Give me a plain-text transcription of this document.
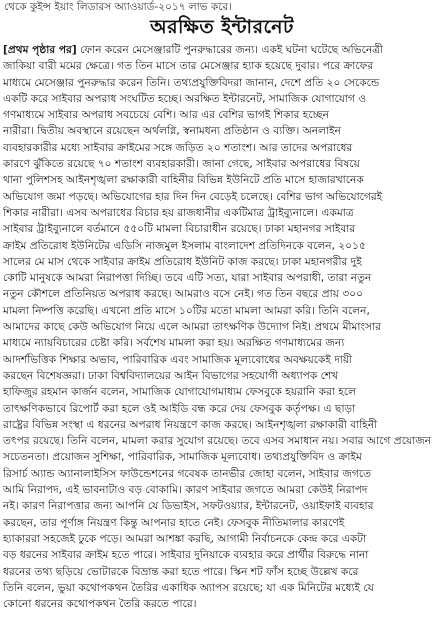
থেকে কুইন্স ইয়াং লিডারস অ্যাওয়ার্ড-২০১৭ লাভ করে।
অরক্ষিত ইন্টারনেট
[প্রথম পৃষ্ঠার পর] ফোন করেন মেসেঞ্জারটি পুনরুদ্ধারের জন্য। একই ঘটনা ঘটেছে অভিনেত্রী
জাকিয়া বারী মমের ক্ষেত্রে। গত তিন মাসে তার মেসেঞ্জার হ্যাক হয়েছে দুবার। পরে ক্রাফের
মাধ্যমে মেসেঞ্জার পুনরুদ্ধার করেন তিনি। তথ্যপ্রযুক্তিবিদরা জানান, দেশে প্রতি ২০ সেকেন্ডে
একটি করে সাইবার অপরাধ সংঘটিত হচ্ছে। অরক্ষিত ইন্টারনেট, সামাজিক যোগাযোগ ও
গণমাধ্যমে সাইবার অপরাধ সবচেয়ে বেশি। আর এর বেশির ভাগই শিকার হচ্ছেন
নারীরা। দ্বিতীয় অবস্থানে রয়েছেন অর্থলগ্নি, স্বনামধন্য প্রতিষ্ঠান ও ব্যক্তি। অনলাইন
ব্যবহারকারীর মধ্যে সাইবার ক্রাইমের সঙ্গে জড়িত ২০ শতাংশ। আর তাদের অপরাধের
কারণে ঝুঁকিতে রয়েছে ৭০ শতাংশ ব্যবহারকারী। জানা গেছে, সাইবার অপরাধের বিষয়ে
থানা পুলিশসহ আইনশৃঙ্খলা রক্ষাকারী বাহিনীর বিভিন্ন ইউনিটে প্রতি মাসে হাজারখানেক
অভিযোগ জমা পড়ছে। অভিযোগের হার দিন দিন বেড়েই চলেছে। বেশির ভাগ অভিযোগেরই
শিকার নারীরা। এসব অপরাধের বিচার হয় রাজধানীর একটিমাত্র ট্রাইব্যুনালে। একমাত্র
সাইবার ট্রাইব্যুনালে বর্তমানে ৫৫০টি মামলা বিচারাধীন রয়েছে। ঢাকা মহানগর সাইবার
ক্রাইম প্রতিরোধ ইউনিটের এডিসি নাজমুল ইসলাম বাংলাদেশ প্রতিদিনকে বলেন, ২০১৫
সালের মে মাস থেকে সাইবার ক্রাইম প্রতিরোধ ইউনিট কাজ করছে। ঢাকা মহানগরীর দুই
কোটি মানুষকে আমরা নিরাপত্তা দিচ্ছি। তবে এটি সত্য, যারা সাইবার অপরাধী, তারা নতুন
নতুন কৌশলে প্রতিনিয়ত অপরাধ করছে। আমরাও বসে নেই। গত তিন বছরে প্রায় ৩০০
মামলা নিষ্পত্তি করেছি। এখনো প্রতি মাসে ১০টির মতো মামলা আমরা করি। তিনি বলেন,
আমাদের কাছে কেউ অভিযোগ নিয়ে এলে আমরা তাৎক্ষণিক উদ্যোগ নিই। প্রথমে মীমাংসার
মাধ্যমে ন্যায়বিচারের চেষ্টা করি। সর্বশেষ মামলা করা হয়। অরক্ষিত গণমাধ্যমের জন্য
আদর্শভিত্তিক শিক্ষার অভাব, পারিবারিক এবং সামাজিক মূল্যবোধের অবক্ষয়কেই দায়ী
করছেন বিশেষজ্ঞরা। ঢাকা বিশ্ববিদ্যালয়ের আইন বিভাগের সহযোগী অধ্যাপক শেখ
হাফিজুর রহমান কার্জন বলেন, সামাজিক যোগাযোগমাধ্যম ফেসবুকে হয়রানি করা হলে
তাৎক্ষণিকভাবে রিপোর্ট করা হলে ওই আইডি বন্ধ করে দেয় ফেসবুক কর্তৃপক্ষ। এ ছাড়া
রাষ্ট্রের বিভিন্ন সংস্থা এ ধরনের অপরাধ নিয়ন্ত্রণে কাজ করছে। আইনশৃঙ্খলা রক্ষাকারী বাহিনী
তৎপর রয়েছে। তিনি বলেন, মামলা করার সুযোগ রয়েছে। তবে এসব সমাধান নয়। সবার আগে প্রয়োজন
সচেতনতা। প্রয়োজন সুশিক্ষা, পারিবারিক, সামাজিক মূল্যবোধ। তথ্যপ্রযুক্তিবিদ ও ক্রাইম
রিসার্চ অ্যান্ড অ্যানালাইসিস ফাউন্ডেশনের গবেষক তানভীর জোহা বলেন, সাইবার জগতে
আমি নিরাপদ, এই ভাবনাটাও বড় বোকামি। কারণ সাইবার জগতে আমরা কেউই নিরাপদ
নই। কারণ নিরাপত্তার জন্য আপনি যে ডিভাইস, সফটওয়্যার, ইন্টারনেট, ওয়াইফাই ব্যবহার
করছেন, তার পূর্ণাঙ্গ নিয়ন্ত্রণ কিন্তু আপনার হাতে নেই। ফেসবুক নীতিমালার কারণেই
হ্যাকাররা সহজেই ঢুকে পড়ে। আমরা আশঙ্কা করছি, আগামী নির্বাচনকে কেন্দ্র করে একটা
বড় ধরনের সাইবার ক্রাইম হতে পারে। সাইবার দুনিয়াকে ব্যবহার করে প্রার্থীর বিরুদ্ধে নানা
ধরনের তথ্য ছড়িয়ে ভোটারকে বিভ্রান্ত করা হতে পারে। স্কিন শট ফাঁস হচ্ছে উল্লেখ করে
তিনি বলেন, ভুয়া কথোপকথন তৈরির একাধিক অ্যাপস রয়েছে; যা এক মিনিটের মধ্যেই যে
কোনো ধরনের কথোপকথন তৈরি করতে পারে।
